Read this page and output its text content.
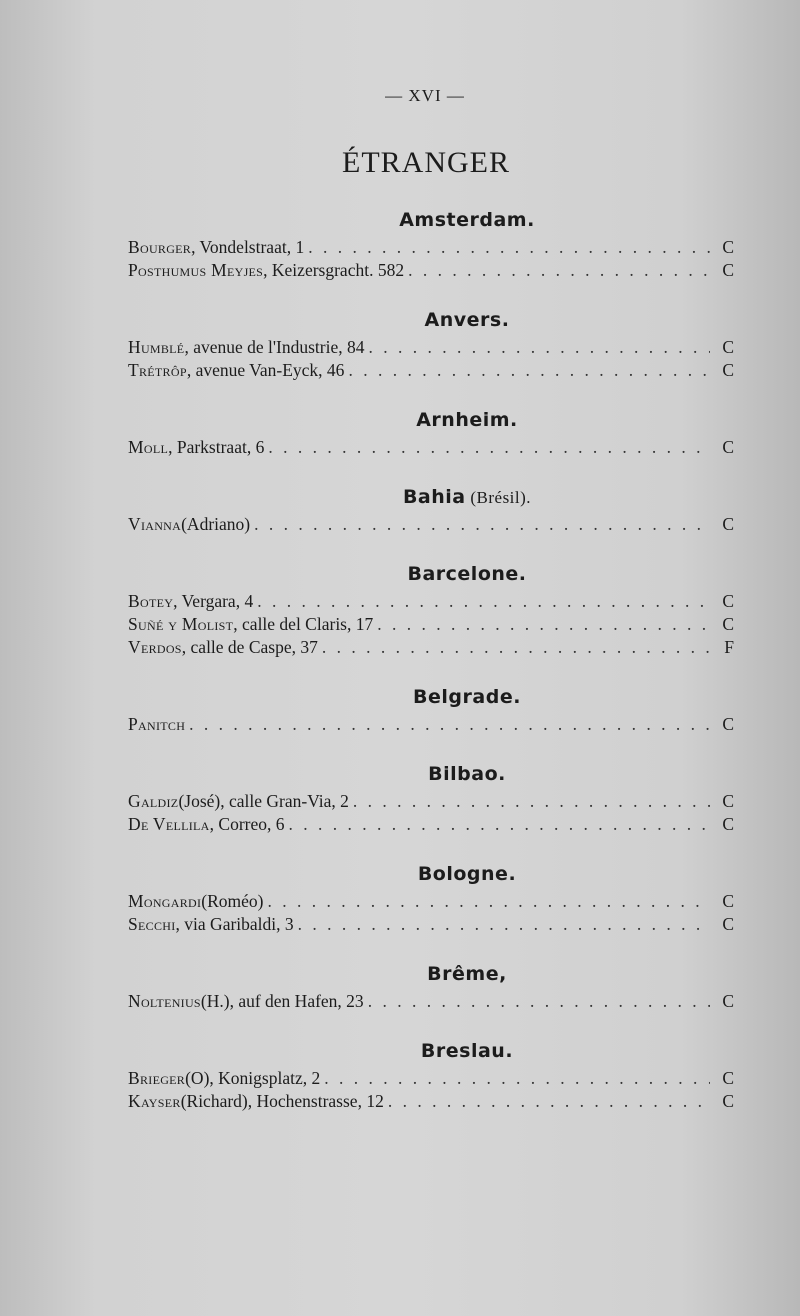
— XVI —
ÉTRANGER
Amsterdam.
Bourger , Vondelstraat, 1 . . .	C
Posthumus Meyjes , Keizersgracht. 582 . . .	C
Anvers.
Humblé , avenue de l'Industrie, 84 . . .	C
Trétrôp , avenue Van-Eyck, 46 . . .	C
Arnheim.
Moll , Parkstraat, 6 . . .	C
Bahia (Brésil).
Vianna (Adriano) . . .	C
Barcelone.
Botey , Vergara, 4 . . .	C
Suñé y Molist , calle del Claris, 17 . . .	C
Verdos , calle de Caspe, 37 . . .	F
Belgrade.
Panitch . . .	C
Bilbao.
Galdiz (José), calle Gran-Via, 2 . . .	C
De Vellila , Correo, 6 . . .	C
Bologne.
Mongardi (Roméo) . . .	C
Secchi , via Garibaldi, 3 . . .	C
Brême,
Noltenius (H.), auf den Hafen, 23 . . .	C
Breslau.
Brieger (O), Konigsplatz, 2 . . .	C
Kayser (Richard), Hochenstrasse, 12 . . .	C
